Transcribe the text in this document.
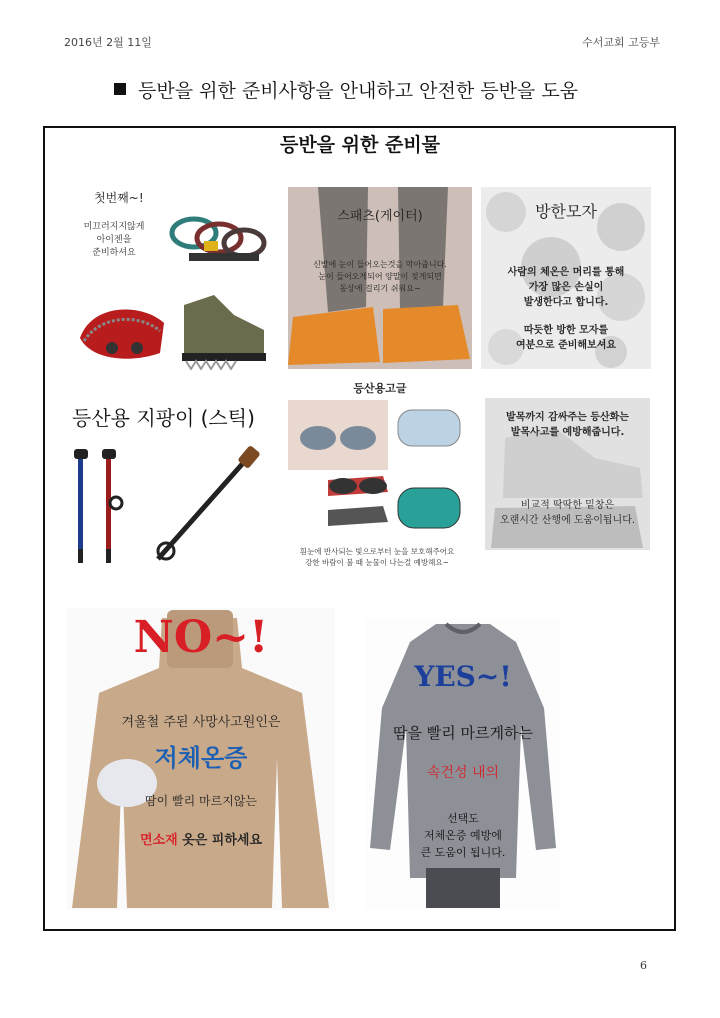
2016년 2월 11일	수서교회 고등부
등반을 위한 준비사항을 안내하고 안전한 등반을 도움
등반을 위한 준비물
첫번째~!
미끄러지지않게
아이젠을
준비하셔요
스패츠(게이터)
신발에 눈이 들어오는것을 막아줍니다.
눈이 들어오게되어 양말이 젖게되면
동상에 걸리기 쉬워요~
방한모자
사람의 체온은 머리를 통해
가장 많은 손실이
발생한다고 합니다.
따듯한 방한 모자를
여분으로 준비해보셔요
등산용 지팡이 (스틱)
등산용고글
흰눈에 반사되는 빛으로부터 눈을 보호해주어요
강한 바람이 불 때 눈물이 나는걸 예방해요~
발목까지 감싸주는 등산화는
발목사고를 예방해줍니다.
비교적 딱딱한 밑창은
오랜시간 산행에 도움이됩니다.
NO~!
겨울철 주된 사망사고원인은
저체온증
땀이 빨리 마르지않는
면소재 옷은 피하세요
YES~!
땀을 빨리 마르게하는
속건성 내의
선택도
저체온증 예방에
큰 도움이 됩니다.
6
